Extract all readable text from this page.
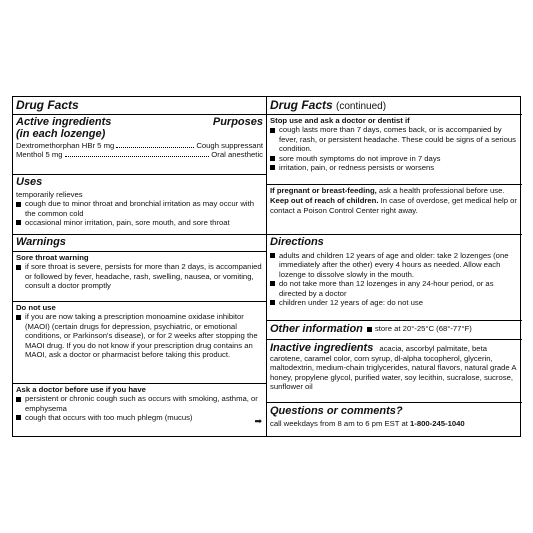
Drug Facts

Active ingredients	Purposes

(in each lozenge)

Dextromethorphan HBr 5 mg	Cough suppressant
Menthol 5 mg	Oral anesthetic

Uses

temporarily relieves

cough due to minor throat and bronchial irritation as may occur with the common cold
occasional minor irritation, pain, sore mouth, and sore throat

Warnings

Sore throat warning

if sore throat is severe, persists for more than 2 days, is accompanied or followed by fever, headache, rash, swelling, nausea, or vomiting, consult a doctor promptly

Do not use

if you are now taking a prescription monoamine oxidase inhibitor (MAOI) (certain drugs for depression, psychiatric, or emotional conditions, or Parkinson's disease), or for 2 weeks after stopping the MAOI drug. If you do not know if your prescription drug contains an MAOI, ask a doctor or pharmacist before taking this product.

Ask a doctor before use if you have

persistent or chronic cough such as occurs with smoking, asthma, or emphysema
cough that occurs with too much phlegm (mucus)	➡

Drug Facts (continued)

Stop use and ask a doctor or dentist if

cough lasts more than 7 days, comes back, or is accompanied by fever, rash, or persistent headache. These could be signs of a serious condition.
sore mouth symptoms do not improve in 7 days
irritation, pain, or redness persists or worsens

If pregnant or breast-feeding, ask a health professional before use.

Keep out of reach of children. In case of overdose, get medical help or contact a Poison Control Center right away.

Directions

adults and children 12 years of age and older: take 2 lozenges (one immediately after the other) every 4 hours as needed. Allow each lozenge to dissolve slowly in the mouth.
do not take more than 12 lozenges in any 24-hour period, or as directed by a doctor
children under 12 years of age: do not use

Other information store at 20°-25°C (68°-77°F)

Inactive ingredients acacia, ascorbyl palmitate, beta

carotene, caramel color, corn syrup, dl-alpha tocopherol, glycerin, maltodextrin, medium-chain triglycerides, natural flavors, natural grade A honey, propylene glycol, purified water, soy lecithin, sucralose, sucrose, sunflower oil

Questions or comments?

call weekdays from 8 am to 6 pm EST at 1-800-245-1040
